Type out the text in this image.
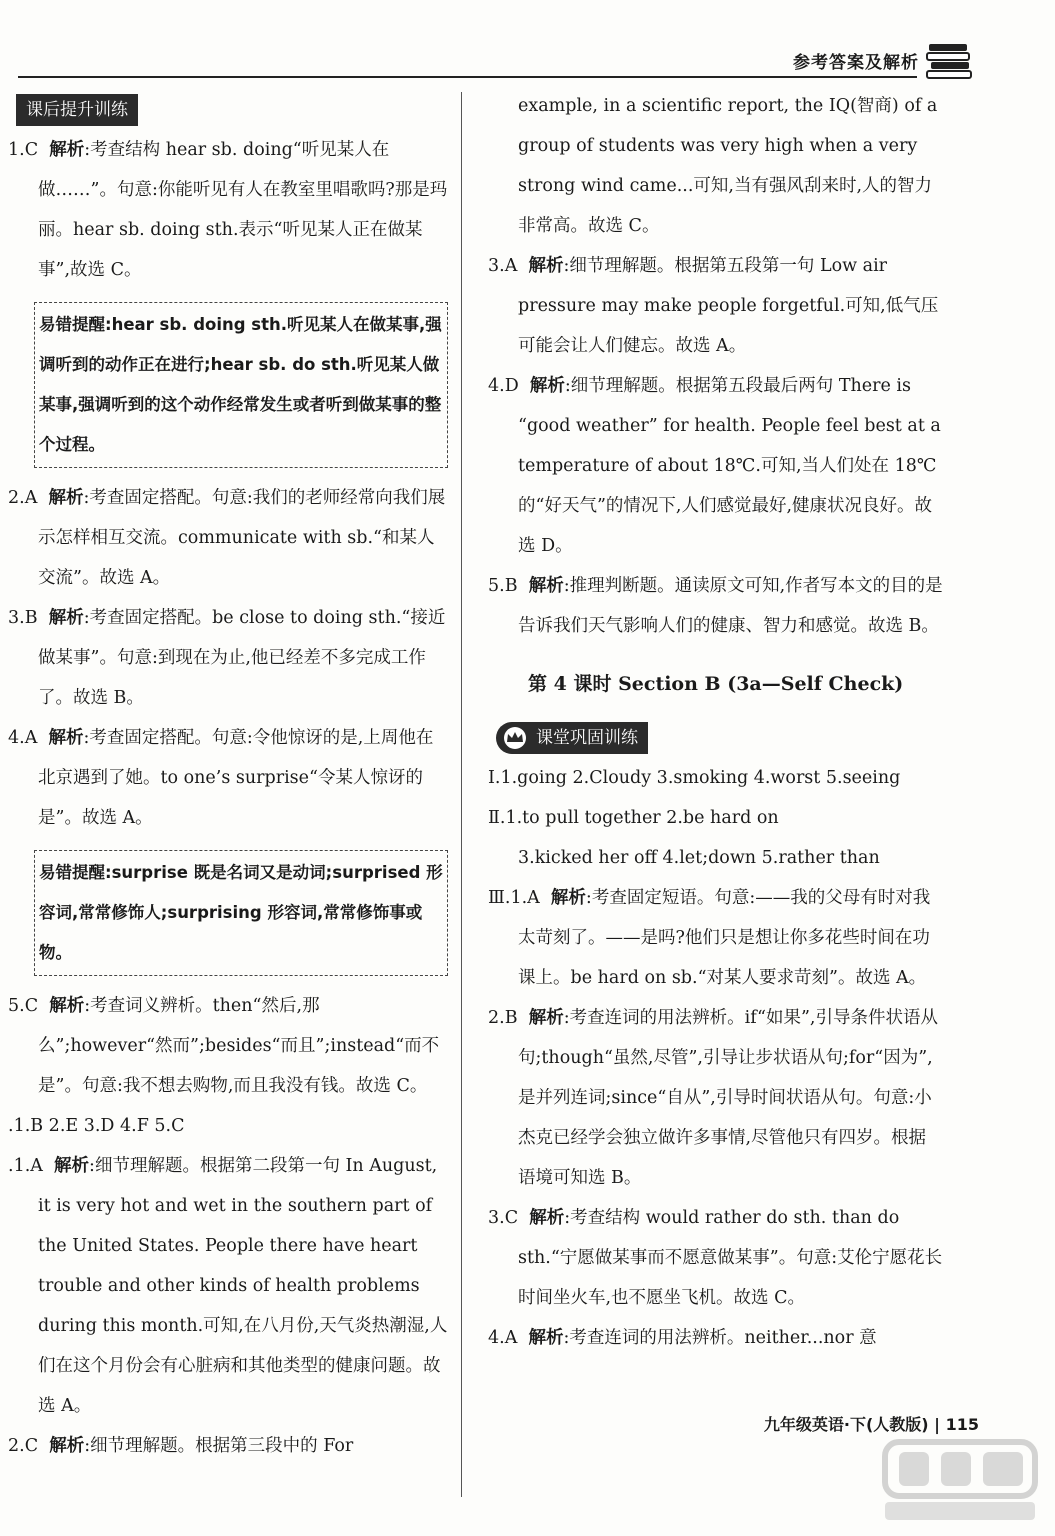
参考答案及解析
课后提升训练

1.C 解析:考查结构 hear sb. doing“听见某人在做……”。句意:你能听见有人在教室里唱歌吗?那是玛丽。hear sb. doing sth.表示“听见某人正在做某事”,故选 C。

易错提醒:hear sb. doing sth.听见某人在做某事,强调听到的动作正在进行;hear sb. do sth.听见某人做某事,强调听到的这个动作经常发生或者听到做某事的整个过程。

2.A 解析:考查固定搭配。句意:我们的老师经常向我们展示怎样相互交流。communicate with sb.“和某人交流”。故选 A。

3.B 解析:考查固定搭配。be close to doing sth.“接近做某事”。句意:到现在为止,他已经差不多完成工作了。故选 B。

4.A 解析:考查固定搭配。句意:令他惊讶的是,上周他在北京遇到了她。to one’s surprise“令某人惊讶的是”。故选 A。

易错提醒:surprise 既是名词又是动词;surprised 形容词,常常修饰人;surprising 形容词,常常修饰事或物。

5.C 解析:考查词义辨析。then“然后,那么”;however“然而”;besides“而且”;instead“而不是”。句意:我不想去购物,而且我没有钱。故选 C。

.1.B 2.E 3.D 4.F 5.C

.1.A 解析:细节理解题。根据第二段第一句 In August, it is very hot and wet in the southern part of the United States. People there have heart trouble and other kinds of health problems during this month.可知,在八月份,天气炎热潮湿,人们在这个月份会有心脏病和其他类型的健康问题。故选 A。

2.C 解析:细节理解题。根据第三段中的 For

example, in a scientific report, the IQ(智商) of a group of students was very high when a very strong wind came...可知,当有强风刮来时,人的智力非常高。故选 C。

3.A 解析:细节理解题。根据第五段第一句 Low air pressure may make people forgetful.可知,低气压可能会让人们健忘。故选 A。

4.D 解析:细节理解题。根据第五段最后两句 There is “good weather” for health. People feel best at a temperature of about 18℃.可知,当人们处在 18℃的“好天气”的情况下,人们感觉最好,健康状况良好。故选 D。

5.B 解析:推理判断题。通读原文可知,作者写本文的目的是告诉我们天气影响人们的健康、智力和感觉。故选 B。

第 4 课时 Section B (3a—Self Check)
课堂巩固训练

Ⅰ.1.going 2.Cloudy 3.smoking 4.worst 5.seeing

Ⅱ.1.to pull together 2.be hard on

3.kicked her off 4.let;down 5.rather than

Ⅲ.1.A 解析:考查固定短语。句意:——我的父母有时对我太苛刻了。——是吗?他们只是想让你多花些时间在功课上。be hard on sb.“对某人要求苛刻”。故选 A。

2.B 解析:考查连词的用法辨析。if“如果”,引导条件状语从句;though“虽然,尽管”,引导让步状语从句;for“因为”,是并列连词;since“自从”,引导时间状语从句。句意:小杰克已经学会独立做许多事情,尽管他只有四岁。根据语境可知选 B。

3.C 解析:考查结构 would rather do sth. than do sth.“宁愿做某事而不愿意做某事”。句意:艾伦宁愿花长时间坐火车,也不愿坐飞机。故选 C。

4.A 解析:考查连词的用法辨析。neither...nor 意

九年级英语·下(人教版) | 115
